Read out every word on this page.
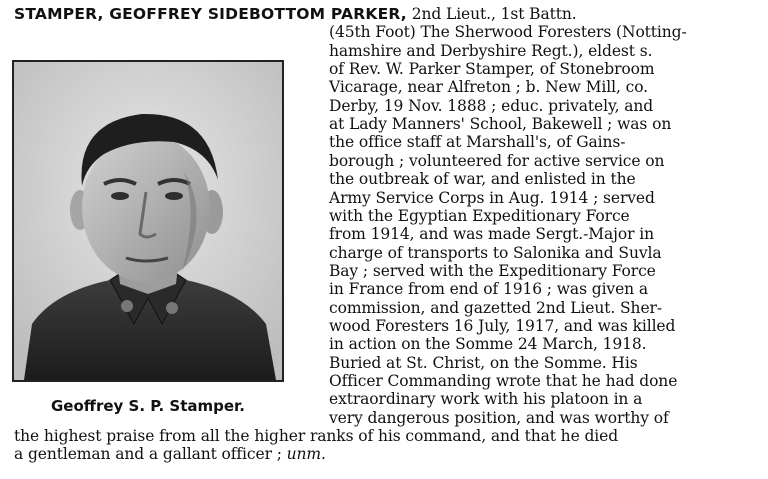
STAMPER, GEOFFREY SIDEBOTTOM PARKER, 2nd Lieut., 1st Battn.
(45th Foot) The Sherwood Foresters (Notting-
hamshire and Derbyshire Regt.), eldest s.
of Rev. W. Parker Stamper, of Stonebroom
Vicarage, near Alfreton ; b. New Mill, co.
Derby, 19 Nov. 1888 ; educ. privately, and
at Lady Manners' School, Bakewell ; was on
the office staff at Marshall's, of Gains-
borough ; volunteered for active service on
the outbreak of war, and enlisted in the
Army Service Corps in Aug. 1914 ; served
with the Egyptian Expeditionary Force
from 1914, and was made Sergt.-Major in
charge of transports to Salonika and Suvla
Bay ; served with the Expeditionary Force
in France from end of 1916 ; was given a
commission, and gazetted 2nd Lieut. Sher-
wood Foresters 16 July, 1917, and was killed
in action on the Somme 24 March, 1918.
Buried at St. Christ, on the Somme. His
Officer Commanding wrote that he had done
extraordinary work with his platoon in a
very dangerous position, and was worthy of
the highest praise from all the higher ranks of his command, and that he died
a gentleman and a gallant officer ; unm.
Geoffrey S. P. Stamper.
